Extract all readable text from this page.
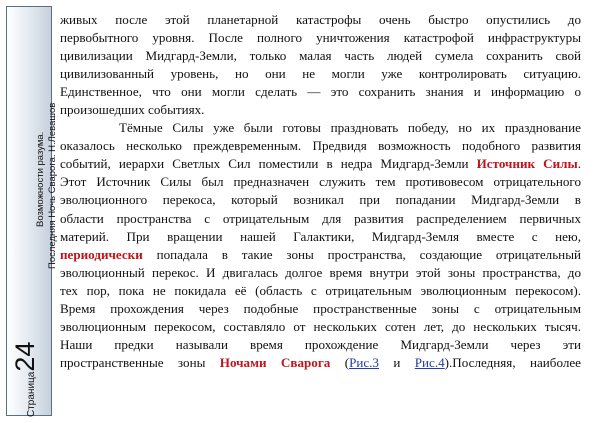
Возможности разума. Последняя Ночь Сварога. Н.Левашов
Страница24
живых после этой планетарной катастрофы очень быстро опустились до
первобытного уровня. После полного уничтожения катастрофой инфраструктуры
цивилизации Мидгард-Земли, только малая часть людей сумела сохранить свой
цивилизованный уровень, но они не могли уже контролировать ситуацию.
Единственное, что они могли сделать — это сохранить знания и информацию о
произошедших событиях.
Тёмные Силы уже были готовы праздновать победу, но их празднование
оказалось несколько преждевременным. Предвидя возможность подобного развития
событий, иерархи Светлых Сил поместили в недра Мидгард-Земли Источник Силы.
Этот Источник Силы был предназначен служить тем противовесом отрицательного
эволюционного перекоса, который возникал при попадании Мидгард-Земли в
области пространства с отрицательным для развития распределением первичных
материй. При вращении нашей Галактики, Мидгард-Земля вместе с нею,
периодически попадала в такие зоны пространства, создающие отрицательный
эволюционный перекос. И двигалась долгое время внутри этой зоны пространства, до
тех пор, пока не покидала её (область с отрицательным эволюционным перекосом).
Время прохождения через подобные пространственные зоны с отрицательным
эволюционным перекосом, составляло от нескольких сотен лет, до нескольких тысяч.
Наши предки называли время прохождение Мидгард-Земли через эти
пространственные зоны Ночами Сварога (Рис.3 и Рис.4).Последняя, наиболее
